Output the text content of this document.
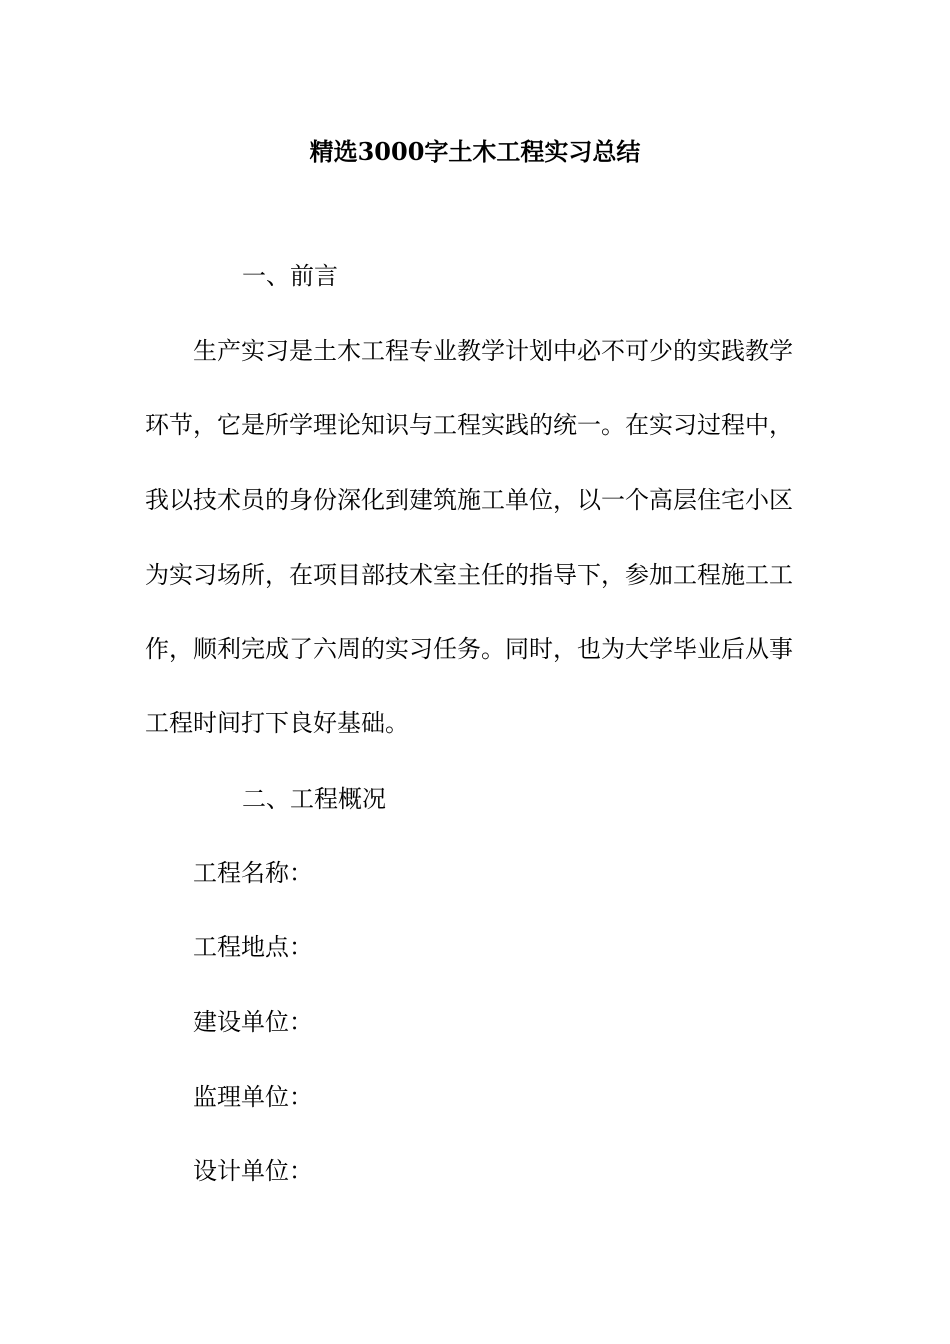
精选3000字土木工程实习总结
一、前言
生产实习是土木工程专业教学计划中必不可少的实践教学
环节，它是所学理论知识与工程实践的统一。在实习过程中，
我以技术员的身份深化到建筑施工单位，以一个高层住宅小区
为实习场所，在项目部技术室主任的指导下，参加工程施工工
作，顺利完成了六周的实习任务。同时，也为大学毕业后从事
工程时间打下良好基础。
二、工程概况
工程名称：
工程地点：
建设单位：
监理单位：
设计单位：
